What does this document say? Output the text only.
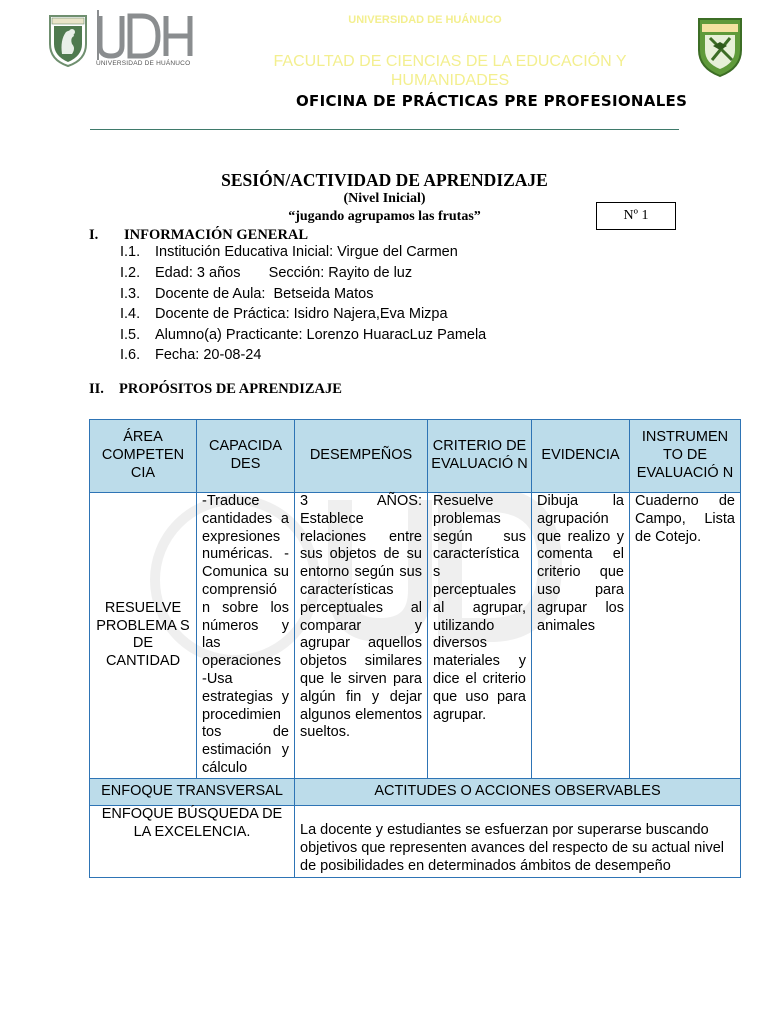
UNIVERSIDAD DE HUÁNUCO
UNIVERSIDAD DE HUÁNUCO
FACULTAD DE CIENCIAS DE LA EDUCACIÓN Y HUMANIDADES
OFICINA DE PRÁCTICAS PRE PROFESIONALES
SESIÓN/ACTIVIDAD DE APRENDIZAJE
(Nivel Inicial)
“jugando agrupamos las frutas”	Nº 1
I. INFORMACIÓN GENERAL
I.1. Institución Educativa Inicial: Virgue del Carmen
I.2. Edad: 3 años       Sección: Rayito de luz
I.3. Docente de Aula:  Betseida Matos
I.4. Docente de Práctica: Isidro Najera,Eva Mizpa
I.5. Alumno(a) Practicante: Lorenzo HuaracLuz Pamela
I.6. Fecha: 20-08-24
II. PROPÓSITOS DE APRENDIZAJE
ÁREA COMPETEN CIA	CAPACIDA DES	DESEMPEÑOS	CRITERIO DE EVALUACIÓ N	EVIDENCIA	INSTRUMEN TO DE EVALUACIÓ N
RESUELVE PROBLEMA S DE CANTIDAD	-Traduce cantidades a expresiones numéricas. -Comunica su comprensió n sobre los números y las operaciones -Usa estrategias y procedimien tos de estimación y cálculo	3 AÑOS: Establece relaciones entre sus objetos de su entorno según sus características perceptuales al comparar y agrupar aquellos objetos similares que le sirven para algún fin y dejar algunos elementos sueltos.	Resuelve problemas según sus característica s perceptuales al agrupar, utilizando diversos materiales y dice el criterio que uso para agrupar.	Dibuja la agrupación que realizo y comenta el criterio que uso para agrupar los animales	Cuaderno de Campo, Lista de Cotejo.
ENFOQUE TRANSVERSAL		ACTITUDES O ACCIONES OBSERVABLES			
ENFOQUE BÚSQUEDA DE LA EXCELENCIA.		La docente y estudiantes se esfuerzan por superarse buscando objetivos que representen avances del respecto de su actual nivel de posibilidades en determinados ámbitos de desempeño			
